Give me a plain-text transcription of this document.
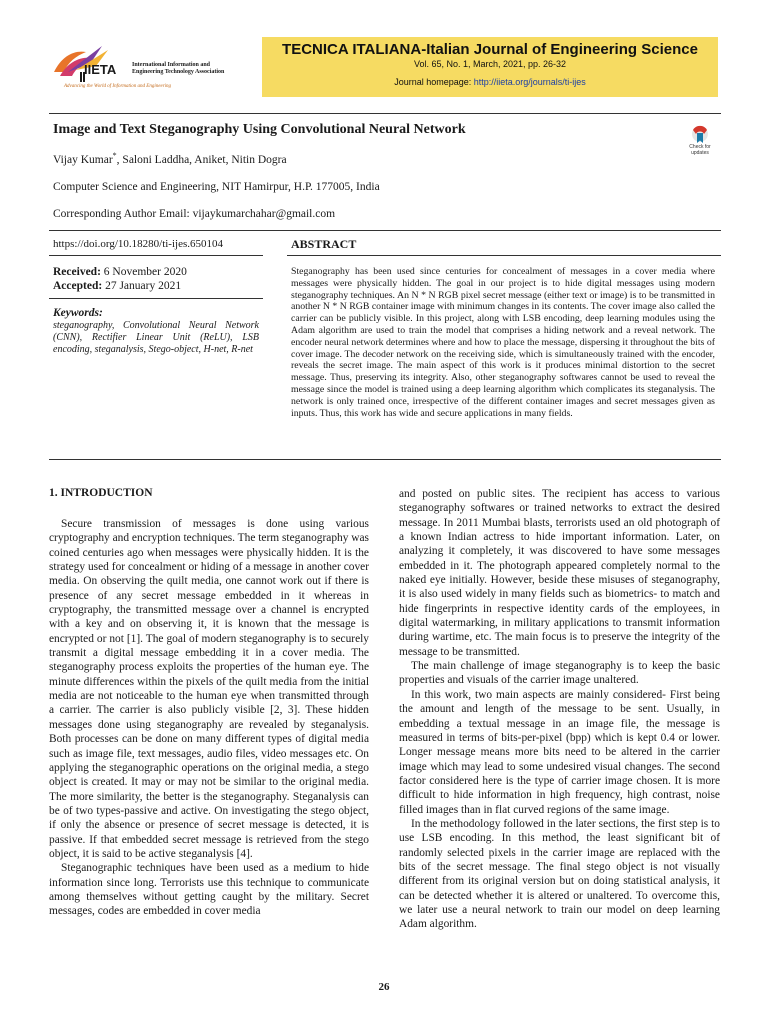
IIETA	International Information and
Engineering Technology Association
Advancing the World of Information and Engineering
TECNICA ITALIANA-Italian Journal of Engineering Science
Vol. 65, No. 1, March, 2021, pp. 26-32
Journal homepage: http://iieta.org/journals/ti-ijes
Image and Text Steganography Using Convolutional Neural Network
Check for
updates
Vijay Kumar*, Saloni Laddha, Aniket, Nitin Dogra
Computer Science and Engineering, NIT Hamirpur, H.P. 177005, India
Corresponding Author Email: vijaykumarchahar@gmail.com
https://doi.org/10.18280/ti-ijes.650104	ABSTRACT
Received: 6 November 2020
Accepted: 27 January 2021
Keywords:
steganography, Convolutional Neural Network (CNN), Rectifier Linear Unit (ReLU), LSB encoding, steganalysis, Stego-object, H-net, R-net
Steganography has been used since centuries for concealment of messages in a cover media where messages were physically hidden. The goal in our project is to hide digital messages using modern steganography techniques. An N * N RGB pixel secret message (either text or image) is to be transmitted in another N * N RGB container image with minimum changes in its contents. The cover image also called the carrier can be publicly visible. In this project, along with LSB encoding, deep learning modules using the Adam algorithm are used to train the model that comprises a hiding network and a reveal network. The encoder neural network determines where and how to place the message, dispersing it throughout the bits of cover image. The decoder network on the receiving side, which is simultaneously trained with the encoder, reveals the secret image. The main aspect of this work is it produces minimal distortion to the secret message. Thus, preserving its integrity. Also, other steganography softwares cannot be used to reveal the message since the model is trained using a deep learning algorithm which complicates its steganalysis. The network is only trained once, irrespective of the different container images and secret messages given as inputs. Thus, this work has wide and secure applications in many fields.
1. INTRODUCTION

Secure transmission of messages is done using various cryptography and encryption techniques. The term steganography was coined centuries ago when messages were physically hidden. It is the strategy used for concealment or hiding of a message in another cover media. On observing the quilt media, one cannot work out if there is presence of any secret message embedded in it whereas in cryptography, the transmitted message over a channel is encrypted with a key and on observing it, it is known that the message is encrypted or not [1]. The goal of modern steganography is to securely transmit a digital message embedding it in a cover media. The steganography process exploits the properties of the human eye. The minute differences within the pixels of the quilt media from the initial media are not noticeable to the human eye when transmitted through a carrier. The carrier is also publicly visible [2, 3]. These hidden messages done using steganography are revealed by steganalysis. Both processes can be done on many different types of digital media such as image file, text messages, audio files, video messages etc. On applying the steganographic operations on the original media, a stego object is created. It may or may not be similar to the original media. The more similarity, the better is the steganography. Steganalysis can be of two types-passive and active. On investigating the stego object, if only the absence or presence of secret message is detected, it is passive. If that embedded secret message is retrieved from the stego object, it is said to be active steganalysis [4].

Steganographic techniques have been used as a medium to hide information since long. Terrorists use this technique to communicate among themselves without getting caught by the military. Secret messages, codes are embedded in cover media

and posted on public sites. The recipient has access to various steganography softwares or trained networks to extract the desired message. In 2011 Mumbai blasts, terrorists used an old photograph of a known Indian actress to hide important information. Later, on analyzing it completely, it was discovered to have some messages embedded in it. The photograph appeared completely normal to the naked eye initially. However, beside these misuses of steganography, it is also used widely in many fields such as biometrics- to match and hide fingerprints in respective identity cards of the employees, in digital watermarking, in military applications to transmit information during wartime, etc. The main focus is to preserve the integrity of the message to be transmitted.

The main challenge of image steganography is to keep the basic properties and visuals of the carrier image unaltered.

In this work, two main aspects are mainly considered- First being the amount and length of the message to be sent. Usually, in embedding a textual message in an image file, the message is measured in terms of bits-per-pixel (bpp) which is kept 0.4 or lower. Longer message means more bits need to be altered in the carrier image which may lead to some undesired visual changes. The second factor considered here is the type of carrier image chosen. It is more difficult to hide information in high frequency, high contrast, noise filled images than in flat curved regions of the same image.

In the methodology followed in the later sections, the first step is to use LSB encoding. In this method, the least significant bit of randomly selected pixels in the carrier image are replaced with the bits of the secret message. The final stego object is not visually different from its original version but on doing statistical analysis, it can be detected whether it is altered or unaltered. To overcome this, we later use a neural network to train our model on deep learning Adam algorithm.

26
